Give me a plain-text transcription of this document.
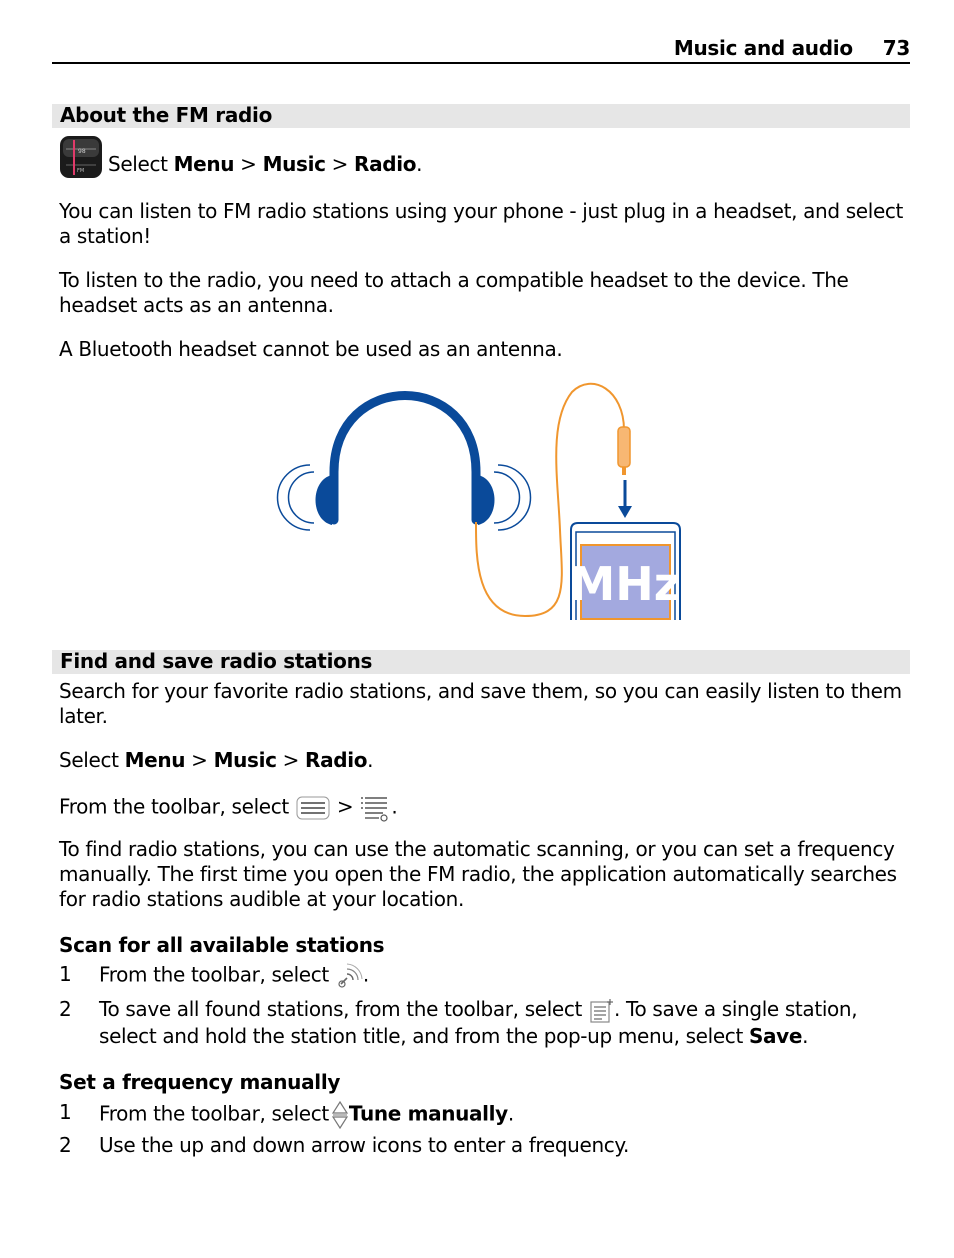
Music and audio 73
About the FM radio
98
FM Select Menu > Music > Radio.
You can listen to FM radio stations using your phone - just plug in a headset, and select a station!
To listen to the radio, you need to attach a compatible headset to the device. The headset acts as an antenna.
A Bluetooth headset cannot be used as an antenna.
MHz
Find and save radio stations
Search for your favorite radio stations, and save them, so you can easily listen to them later.
Select Menu > Music > Radio.
From the toolbar, select  > .
To find radio stations, you can use the automatic scanning, or you can set a frequency manually. The first time you open the FM radio, the application automatically searches for radio stations audible at your location.
Scan for all available stations
1 From the toolbar, select .
2 To save all found stations, from the toolbar, select . To save a single station, select and hold the station title, and from the pop-up menu, select Save.
Set a frequency manually
1 From the toolbar, select Tune manually.
2 Use the up and down arrow icons to enter a frequency.
